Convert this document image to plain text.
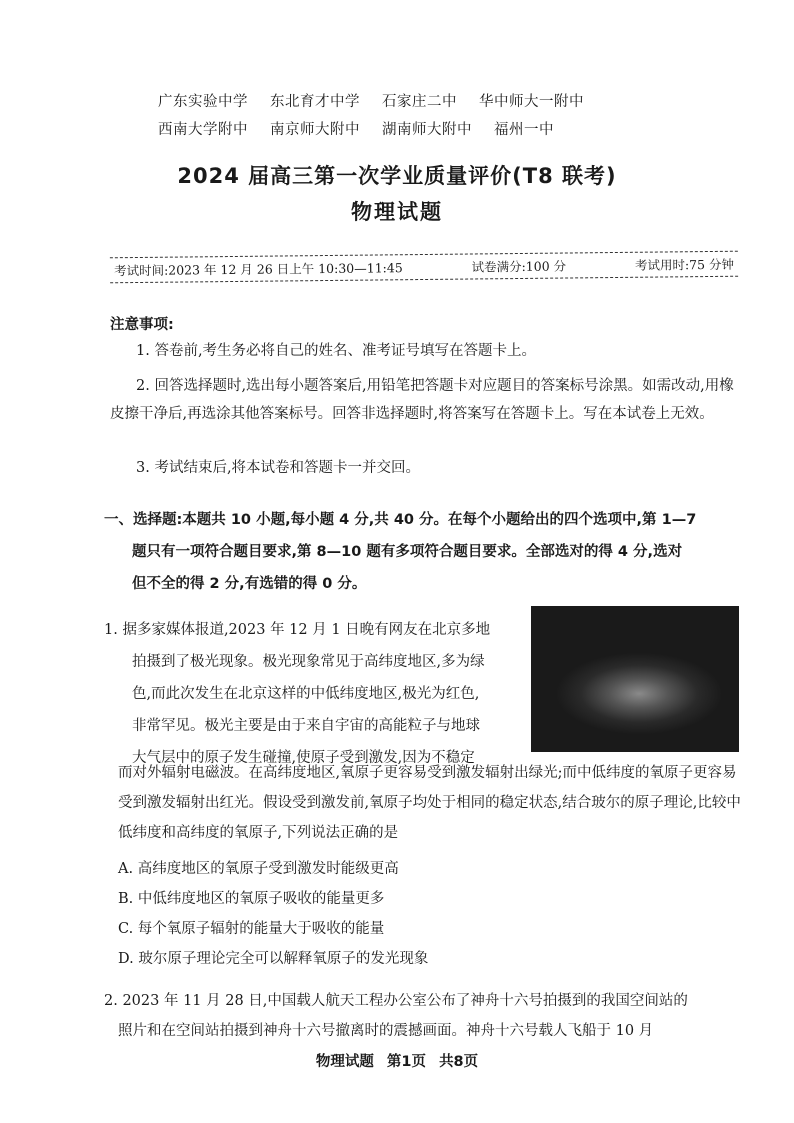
广东实验中学 东北育才中学 石家庄二中 华中师大一附中
西南大学附中 南京师大附中 湖南师大附中 福州一中
2024 届高三第一次学业质量评价(T8 联考)
物理试题
考试时间:2023 年 12 月 26 日上午 10:30—11:45	试卷满分:100 分	考试用时:75 分钟
注意事项:
1. 答卷前,考生务必将自己的姓名、准考证号填写在答题卡上。
2. 回答选择题时,选出每小题答案后,用铅笔把答题卡对应题目的答案标号涂黑。如需改动,用橡皮擦干净后,再选涂其他答案标号。回答非选择题时,将答案写在答题卡上。写在本试卷上无效。
3. 考试结束后,将本试卷和答题卡一并交回。
一、选择题:本题共 10 小题,每小题 4 分,共 40 分。在每个小题给出的四个选项中,第 1—7
题只有一项符合题目要求,第 8—10 题有多项符合题目要求。全部选对的得 4 分,选对
但不全的得 2 分,有选错的得 0 分。
1. 据多家媒体报道,2023 年 12 月 1 日晚有网友在北京多地
拍摄到了极光现象。极光现象常见于高纬度地区,多为绿
色,而此次发生在北京这样的中低纬度地区,极光为红色,
非常罕见。极光主要是由于来自宇宙的高能粒子与地球
大气层中的原子发生碰撞,使原子受到激发,因为不稳定
而对外辐射电磁波。在高纬度地区,氧原子更容易受到激发辐射出绿光;而中低纬度的氧原子更容易受到激发辐射出红光。假设受到激发前,氧原子均处于相同的稳定状态,结合玻尔的原子理论,比较中低纬度和高纬度的氧原子,下列说法正确的是
A. 高纬度地区的氧原子受到激发时能级更高
B. 中低纬度地区的氧原子吸收的能量更多
C. 每个氧原子辐射的能量大于吸收的能量
D. 玻尔原子理论完全可以解释氧原子的发光现象
2. 2023 年 11 月 28 日,中国载人航天工程办公室公布了神舟十六号拍摄到的我国空间站的
照片和在空间站拍摄到神舟十六号撤离时的震撼画面。神舟十六号载人飞船于 10 月
物理试题 第1页 共8页
